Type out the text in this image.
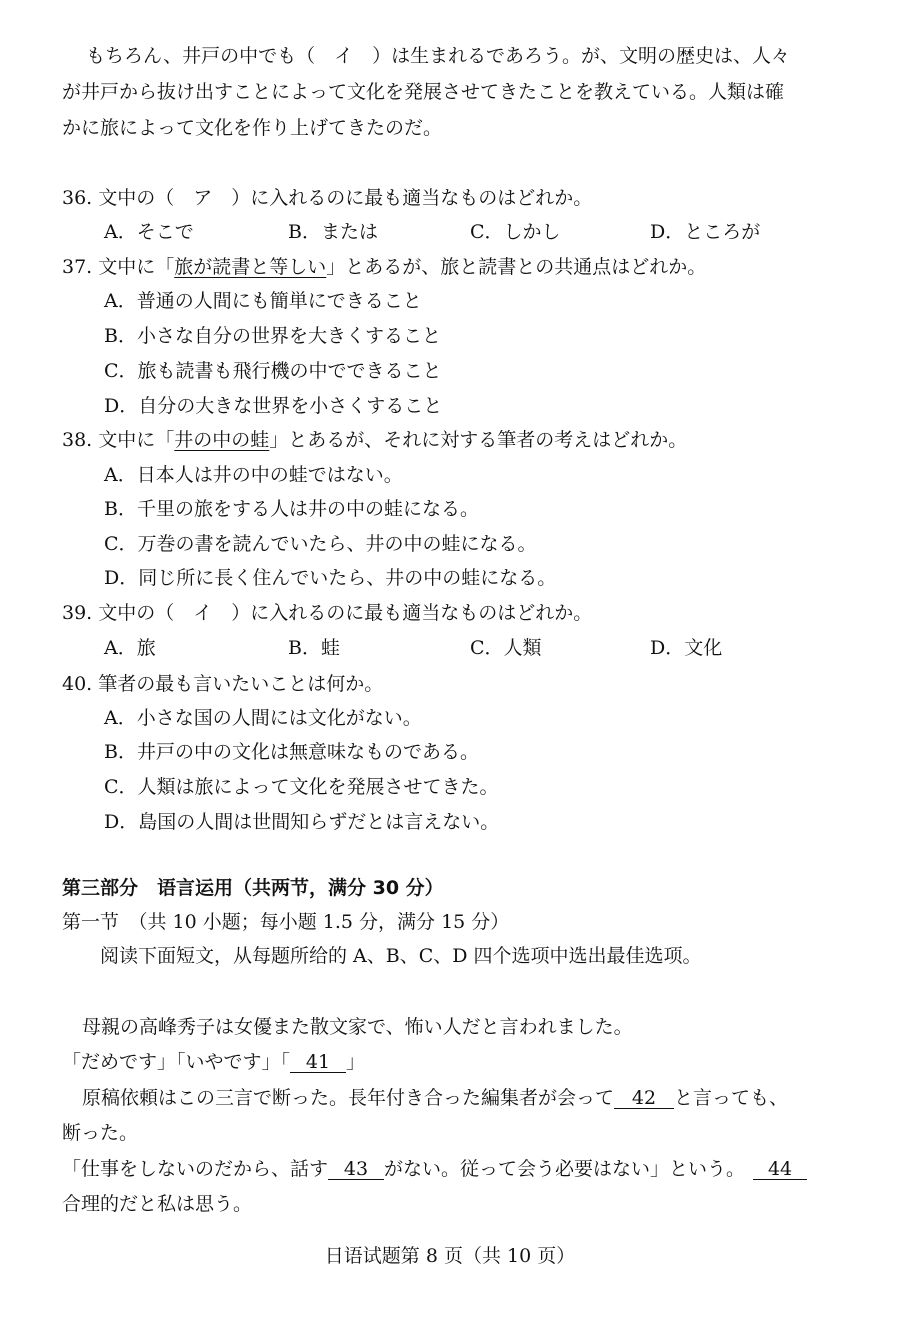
もちろん、井戸の中でも（　イ　）は生まれるであろう。が、文明の歴史は、人々
が井戸から抜け出すことによって文化を発展させてきたことを教えている。人類は確
かに旅によって文化を作り上げてきたのだ。
36. 文中の（　ア　）に入れるのに最も適当なものはどれか。
A．そこで	B．または	C．しかし	D．ところが
37. 文中に「旅が読書と等しい」とあるが、旅と読書との共通点はどれか。
A．普通の人間にも簡単にできること
B．小さな自分の世界を大きくすること
C．旅も読書も飛行機の中でできること
D．自分の大きな世界を小さくすること
38. 文中に「井の中の蛙」とあるが、それに対する筆者の考えはどれか。
A．日本人は井の中の蛙ではない。
B．千里の旅をする人は井の中の蛙になる。
C．万巻の書を読んでいたら、井の中の蛙になる。
D．同じ所に長く住んでいたら、井の中の蛙になる。
39. 文中の（　イ　）に入れるのに最も適当なものはどれか。
A．旅	B．蛙	C．人類	D．文化
40. 筆者の最も言いたいことは何か。
A．小さな国の人間には文化がない。
B．井戸の中の文化は無意味なものである。
C．人類は旅によって文化を発展させてきた。
D．島国の人間は世間知らずだとは言えない。
第三部分　语言运用（共两节，满分 30 分）
第一节　（共 10 小题；每小题 1.5 分，满分 15 分）
阅读下面短文，从每题所给的 A、B、C、D 四个选项中选出最佳选项。
母親の高峰秀子は女優また散文家で、怖い人だと言われました。
「だめです」「いやです」「 41 」
原稿依頼はこの三言で断った。長年付き合った編集者が会って 42 と言っても、
断った。
「仕事をしないのだから、話す 43 がない。従って会う必要はない」という。 44
合理的だと私は思う。
日语试题第 8 页（共 10 页）
